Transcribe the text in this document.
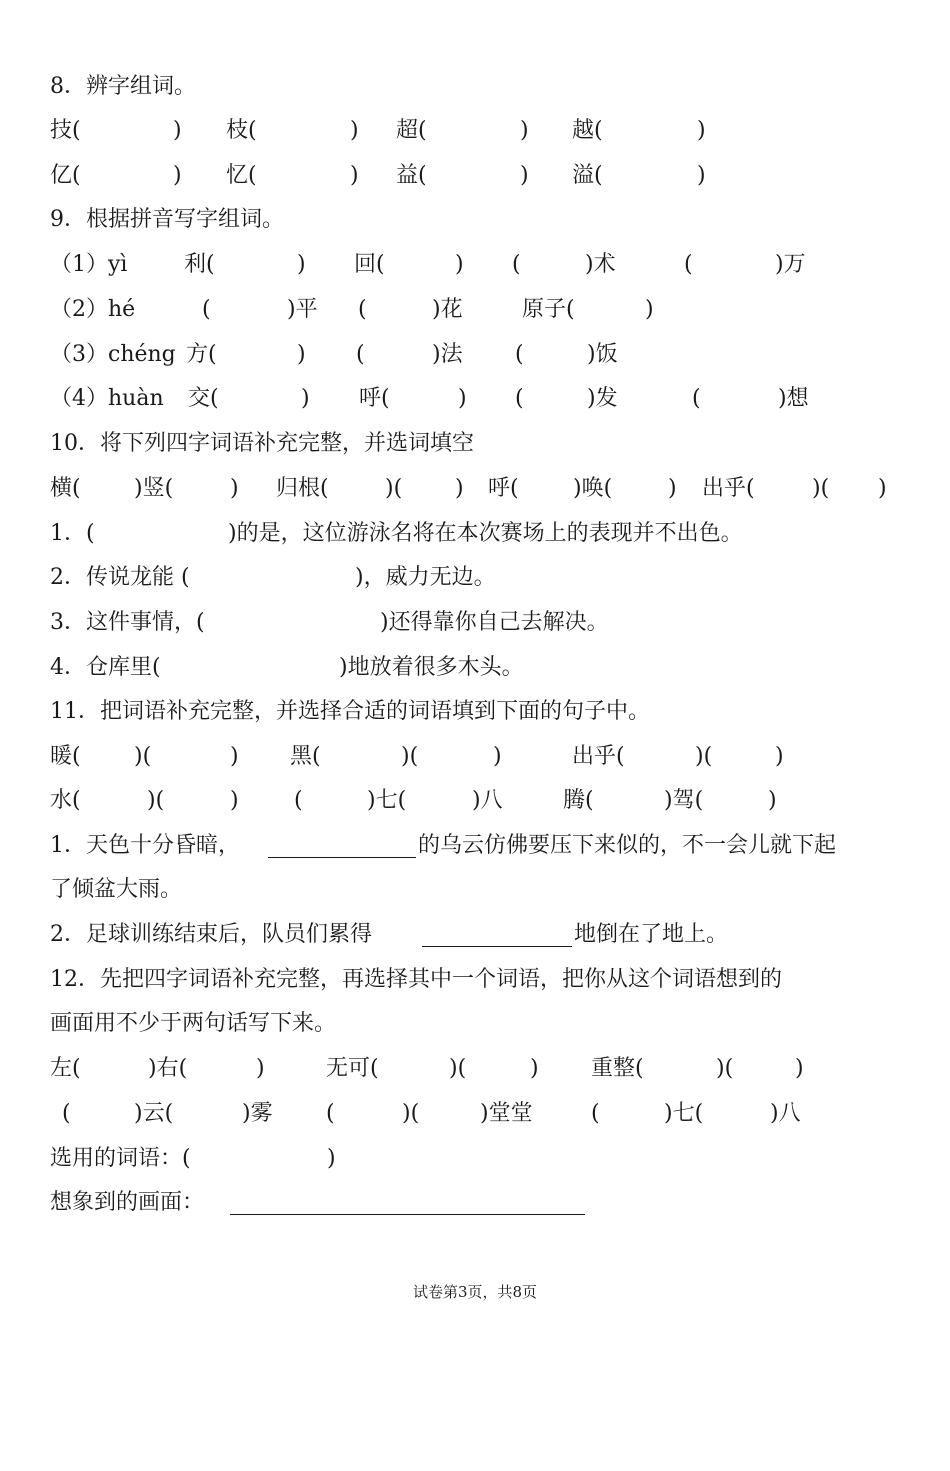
8．辨字组词。

技(

	)

枝(

	)

超(

	)

越(

	)

亿(

	)

忆(

	)

益(

	)

溢(

	)

9．根据拼音写字组词。

（1）yì

	利(

	)

回(

	)

(

	)术

	(

	)万

（2）hé

	(

	)平

(

	)花

	原子(

	)

（3）chéng

方(

	)

(

	)法

(

	)饭

（4）huàn

交(

	)

呼(

	)

(

	)发

	(

	)想

10．将下列四字词语补充完整，并选词填空

横(

)竖(

	)

归根(

	)(

)

呼(

)唤(

	)

出乎(

	)(

)

1．(

	)的是，这位游泳名将在本次赛场上的表现并不出色。

2．传说龙能 (

	)，威力无边。

3．这件事情，(

	)还得靠你自己去解决。

4．仓库里(

	)地放着很多木头。

11．把词语补充完整，并选择合适的词语填到下面的句子中。

暖(

)(

	)

黑(

	)(

	)

	出乎(

	)(

	)

水(

	)(

	)

	(

	)七(

	)八

	腾(

	)驾(

	)

1．天色十分昏暗，

	的乌云仿佛要压下来似的，不一会儿就下起

了倾盆大雨。

2．足球训练结束后，队员们累得

	地倒在了地上。

12．先把四字词语补充完整，再选择其中一个词语，把你从这个词语想到的

画面用不少于两句话写下来。

左(

	)右(

	)

	无可(

	)(

	)

重整(

	)(

	)

(

	)云(

	)雾

(

	)(

	)堂堂

	(

	)七(

	)八

选用的词语：(

	)

想象到的画面：

试卷第3页，共8页
